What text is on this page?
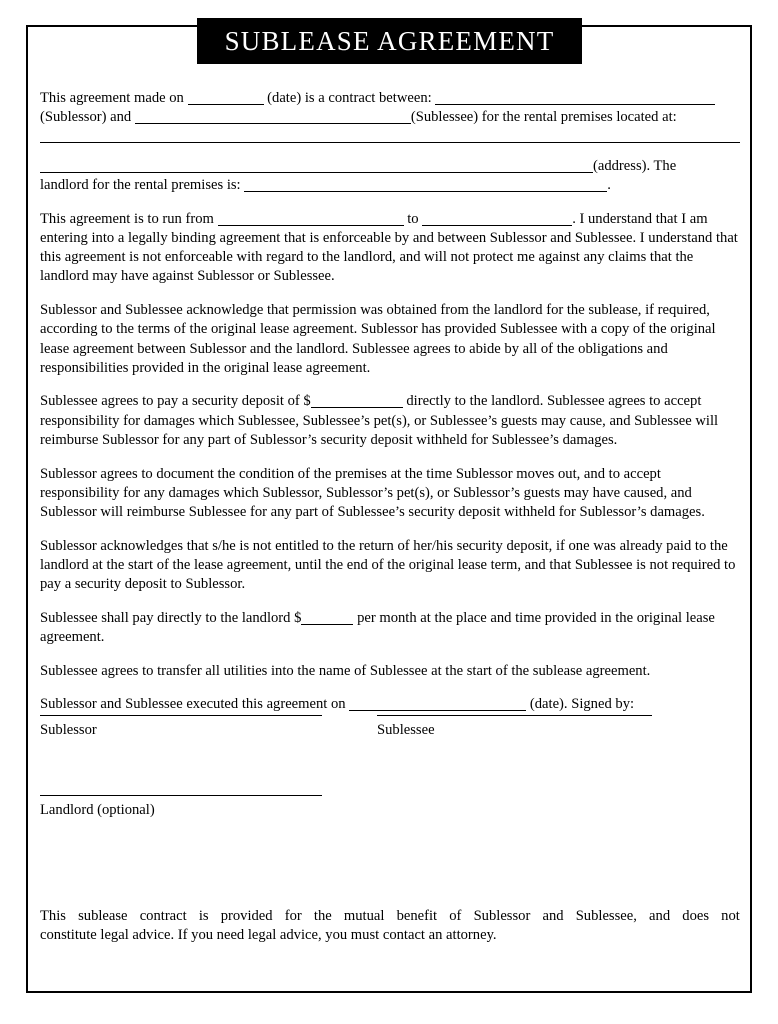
SUBLEASE AGREEMENT

This agreement made on	(date) is a contract between:
(Sublessor) and	(Sublessee) for the rental premises located at:

(address). The
landlord for the rental premises is:	.

This agreement is to run from	to	. I understand that I am entering into a legally binding agreement that is enforceable by and between Sublessor and Sublessee. I understand that this agreement is not enforceable with regard to the landlord, and will not protect me against any claims that the landlord may have against Sublessor or Sublessee.

Sublessor and Sublessee acknowledge that permission was obtained from the landlord for the sublease, if required, according to the terms of the original lease agreement. Sublessor has provided Sublessee with a copy of the original lease agreement between Sublessor and the landlord. Sublessee agrees to abide by all of the obligations and responsibilities provided in the original lease agreement.

Sublessee agrees to pay a security deposit of $	directly to the landlord. Sublessee agrees to accept responsibility for damages which Sublessee, Sublessee’s pet(s), or Sublessee’s guests may cause, and Sublessee will reimburse Sublessor for any part of Sublessor’s security deposit withheld for Sublessee’s damages.

Sublessor agrees to document the condition of the premises at the time Sublessor moves out, and to accept responsibility for any damages which Sublessor, Sublessor’s pet(s), or Sublessor’s guests may have caused, and Sublessor will reimburse Sublessee for any part of Sublessee’s security deposit withheld for Sublessor’s damages.

Sublessor acknowledges that s/he is not entitled to the return of her/his security deposit, if one was already paid to the landlord at the start of the lease agreement, until the end of the original lease term, and that Sublessee is not required to pay a security deposit to Sublessor.

Sublessee shall pay directly to the landlord $	per month at the place and time provided in the original lease agreement.

Sublessee agrees to transfer all utilities into the name of Sublessee at the start of the sublease agreement.

Sublessor and Sublessee executed this agreement on	(date). Signed by:

Sublessor	Sublessee
Landlord (optional)
This sublease contract is provided for the mutual benefit of Sublessor and Sublessee, and does not
constitute legal advice. If you need legal advice, you must contact an attorney.
